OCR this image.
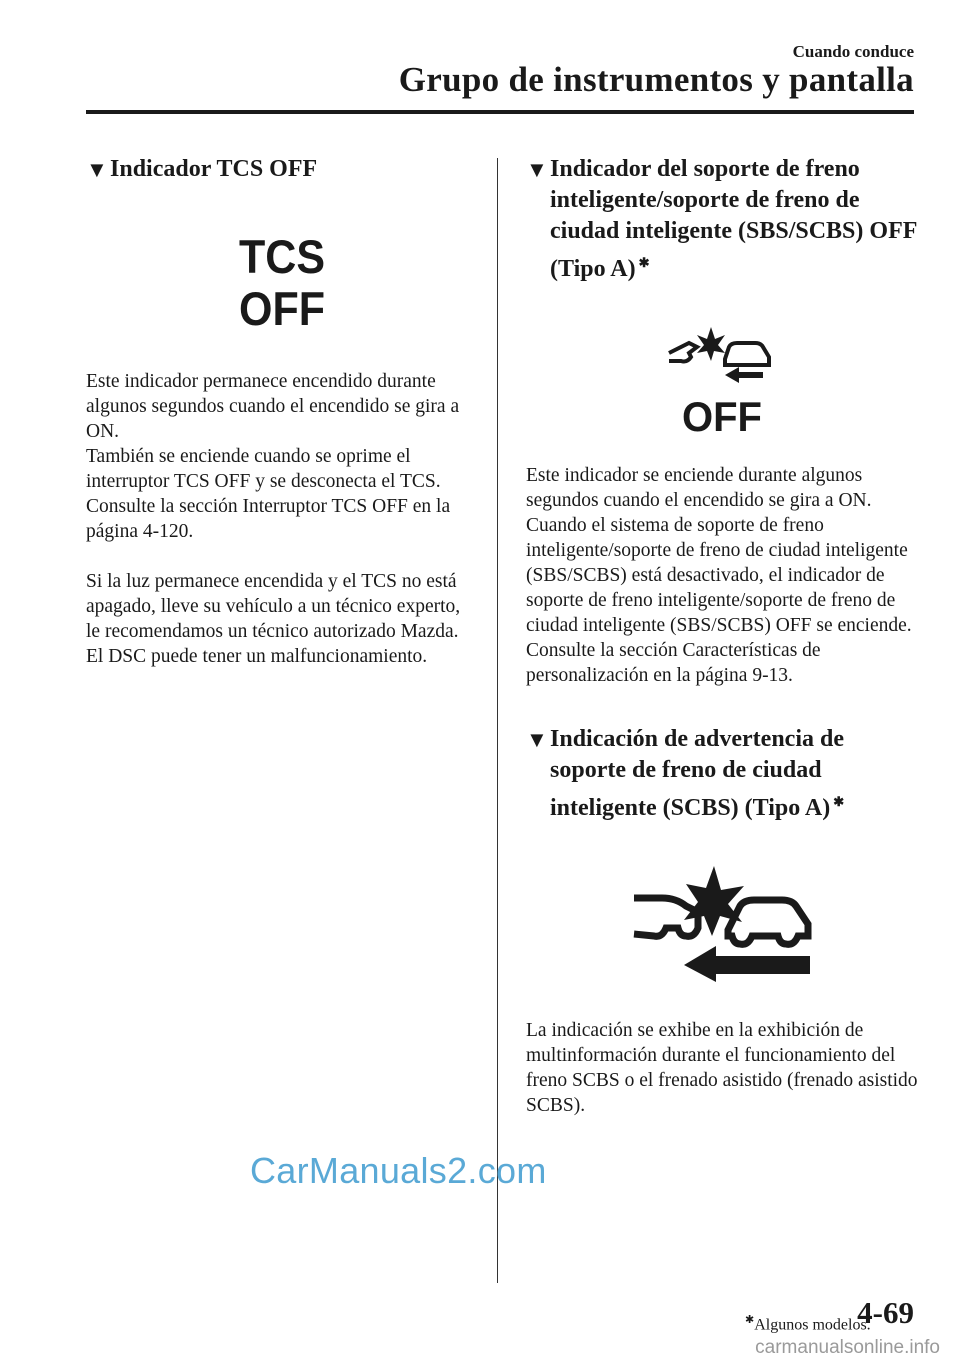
Cuando conduce
Grupo de instrumentos y pantalla
▼ Indicador TCS OFF
TCS
OFF

Este indicador permanece encendido durante algunos segundos cuando el encendido se gira a ON.

También se enciende cuando se oprime el interruptor TCS OFF y se desconecta el TCS.

Consulte la sección Interruptor TCS OFF en la página 4-120.

Si la luz permanece encendida y el TCS no está apagado, lleve su vehículo a un técnico experto, le recomendamos un técnico autorizado Mazda. El DSC puede tener un malfuncionamiento.

▼ Indicador del soporte de freno inteligente/soporte de freno de ciudad inteligente (SBS/SCBS) OFF (Tipo A) ✱
OFF

Este indicador se enciende durante algunos segundos cuando el encendido se gira a ON.

Cuando el sistema de soporte de freno inteligente/soporte de freno de ciudad inteligente (SBS/SCBS) está desactivado, el indicador de soporte de freno inteligente/soporte de freno de ciudad inteligente (SBS/SCBS) OFF se enciende.

Consulte la sección Características de personalización en la página 9-13.

▼ Indicación de advertencia de soporte de freno de ciudad inteligente (SCBS) (Tipo A) ✱

La indicación se exhibe en la exhibición de multinformación durante el funcionamiento del freno SCBS o el frenado asistido (frenado asistido SCBS).

CarManuals2.com
✱Algunos modelos.
4-69
carmanualsonline.info
